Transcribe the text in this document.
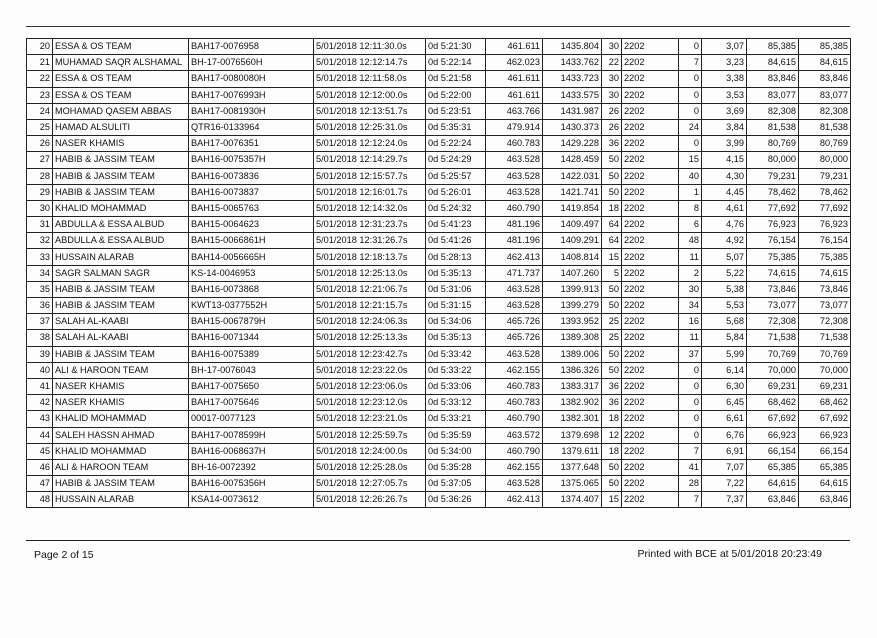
20	ESSA & OS TEAM	BAH17-0076958	5/01/2018 12:11:30.0s	0d 5:21:30	461.611	1435.804	30	2202	0	3,07	85,385	85,385
21	MUHAMAD SAQR ALSHAMAL	BH-17-0076560H	5/01/2018 12:12:14.7s	0d 5:22:14	462.023	1433.762	22	2202	7	3,23	84,615	84,615
22	ESSA & OS TEAM	BAH17-0080080H	5/01/2018 12:11:58.0s	0d 5:21:58	461.611	1433.723	30	2202	0	3,38	83,846	83,846
23	ESSA & OS TEAM	BAH17-0076993H	5/01/2018 12:12:00.0s	0d 5:22:00	461.611	1433.575	30	2202	0	3,53	83,077	83,077
24	MOHAMAD QASEM ABBAS	BAH17-0081930H	5/01/2018 12:13:51.7s	0d 5:23:51	463.766	1431.987	26	2202	0	3,69	82,308	82,308
25	HAMAD ALSULITI	QTR16-0133964	5/01/2018 12:25:31.0s	0d 5:35:31	479.914	1430.373	26	2202	24	3,84	81,538	81,538
26	NASER KHAMIS	BAH17-0076351	5/01/2018 12:12:24.0s	0d 5:22:24	460.783	1429.228	36	2202	0	3,99	80,769	80,769
27	HABIB & JASSIM TEAM	BAH16-0075357H	5/01/2018 12:14:29.7s	0d 5:24:29	463.528	1428.459	50	2202	15	4,15	80,000	80,000
28	HABIB & JASSIM TEAM	BAH16-0073836	5/01/2018 12:15:57.7s	0d 5:25:57	463.528	1422.031	50	2202	40	4,30	79,231	79,231
29	HABIB & JASSIM TEAM	BAH16-0073837	5/01/2018 12:16:01.7s	0d 5:26:01	463.528	1421.741	50	2202	1	4,45	78,462	78,462
30	KHALID MOHAMMAD	BAH15-0065763	5/01/2018 12:14:32.0s	0d 5:24:32	460.790	1419.854	18	2202	8	4,61	77,692	77,692
31	ABDULLA & ESSA ALBUD	BAH15-0064623	5/01/2018 12:31:23.7s	0d 5:41:23	481.196	1409.497	64	2202	6	4,76	76,923	76,923
32	ABDULLA & ESSA ALBUD	BAH15-0066861H	5/01/2018 12:31:26.7s	0d 5:41:26	481.196	1409.291	64	2202	48	4,92	76,154	76,154
33	HUSSAIN ALARAB	BAH14-0056665H	5/01/2018 12:18:13.7s	0d 5:28:13	462.413	1408.814	15	2202	11	5,07	75,385	75,385
34	SAGR SALMAN SAGR	KS-14-0046953	5/01/2018 12:25:13.0s	0d 5:35:13	471.737	1407.260	5	2202	2	5,22	74,615	74,615
35	HABIB & JASSIM TEAM	BAH16-0073868	5/01/2018 12:21:06.7s	0d 5:31:06	463.528	1399.913	50	2202	30	5,38	73,846	73,846
36	HABIB & JASSIM TEAM	KWT13-0377552H	5/01/2018 12:21:15.7s	0d 5:31:15	463.528	1399.279	50	2202	34	5,53	73,077	73,077
37	SALAH AL-KAABI	BAH15-0067879H	5/01/2018 12:24:06.3s	0d 5:34:06	465.726	1393.952	25	2202	16	5,68	72,308	72,308
38	SALAH AL-KAABI	BAH16-0071344	5/01/2018 12:25:13.3s	0d 5:35:13	465.726	1389.308	25	2202	11	5,84	71,538	71,538
39	HABIB & JASSIM TEAM	BAH16-0075389	5/01/2018 12:23:42.7s	0d 5:33:42	463.528	1389.006	50	2202	37	5,99	70,769	70,769
40	ALI & HAROON TEAM	BH-17-0076043	5/01/2018 12:23:22.0s	0d 5:33:22	462.155	1386.326	50	2202	0	6,14	70,000	70,000
41	NASER KHAMIS	BAH17-0075650	5/01/2018 12:23:06.0s	0d 5:33:06	460.783	1383.317	36	2202	0	6,30	69,231	69,231
42	NASER KHAMIS	BAH17-0075646	5/01/2018 12:23:12.0s	0d 5:33:12	460.783	1382.902	36	2202	0	6,45	68,462	68,462
43	KHALID MOHAMMAD	00017-0077123	5/01/2018 12:23:21.0s	0d 5:33:21	460.790	1382.301	18	2202	0	6,61	67,692	67,692
44	SALEH HASSN AHMAD	BAH17-0078599H	5/01/2018 12:25:59.7s	0d 5:35:59	463.572	1379.698	12	2202	0	6,76	66,923	66,923
45	KHALID MOHAMMAD	BAH16-0068637H	5/01/2018 12:24:00.0s	0d 5:34:00	460.790	1379.611	18	2202	7	6,91	66,154	66,154
46	ALI & HAROON TEAM	BH-16-0072392	5/01/2018 12:25:28.0s	0d 5:35:28	462.155	1377.648	50	2202	41	7,07	65,385	65,385
47	HABIB & JASSIM TEAM	BAH16-0075356H	5/01/2018 12:27:05.7s	0d 5:37:05	463.528	1375.065	50	2202	28	7,22	64,615	64,615
48	HUSSAIN ALARAB	KSA14-0073612	5/01/2018 12:26:26.7s	0d 5:36:26	462.413	1374.407	15	2202	7	7,37	63,846	63,846
Page 2 of 15	Printed with BCE at 5/01/2018 20:23:49
